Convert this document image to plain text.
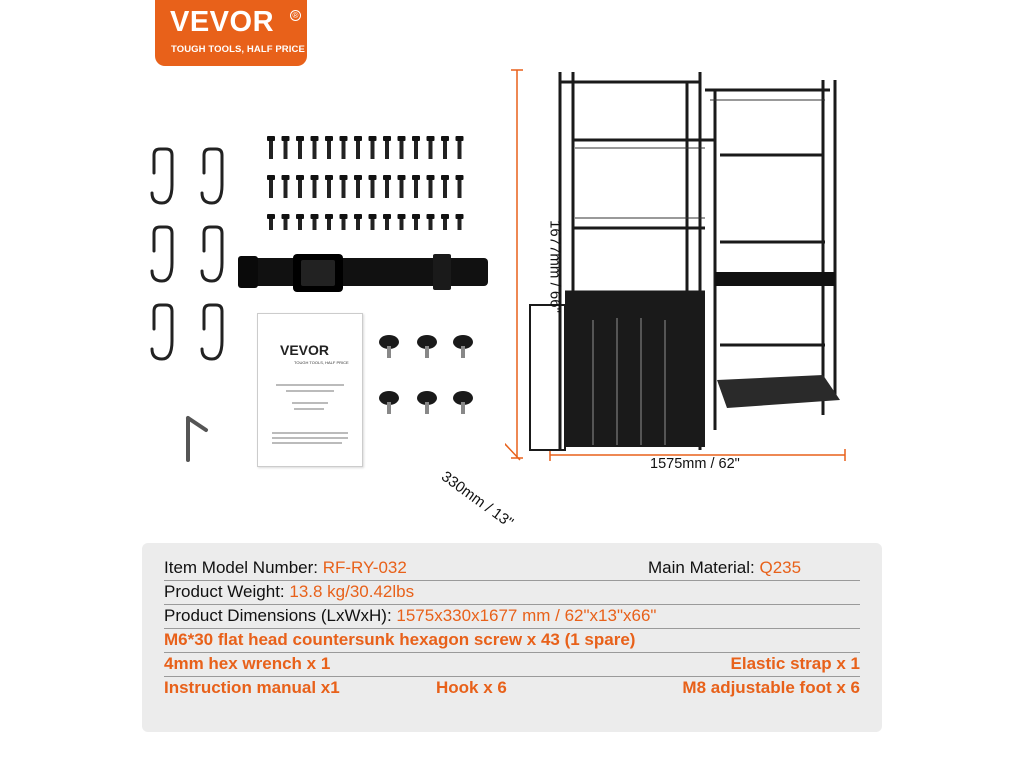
VEVOR	®
TOUGH TOOLS, HALF PRICE
VEVOR
TOUGH TOOLS, HALF PRICE
1677mm / 66"
1575mm / 62"
330mm / 13"
Item Model Number: RF-RY-032	Main Material: Q235
Product Weight: 13.8 kg/30.42lbs
Product Dimensions (LxWxH): 1575x330x1677 mm / 62"x13"x66"
M6*30 flat head countersunk hexagon screw x 43 (1 spare)
4mm hex wrench x 1	Elastic strap x 1
Instruction manual x1	Hook x 6	M8 adjustable foot x 6
